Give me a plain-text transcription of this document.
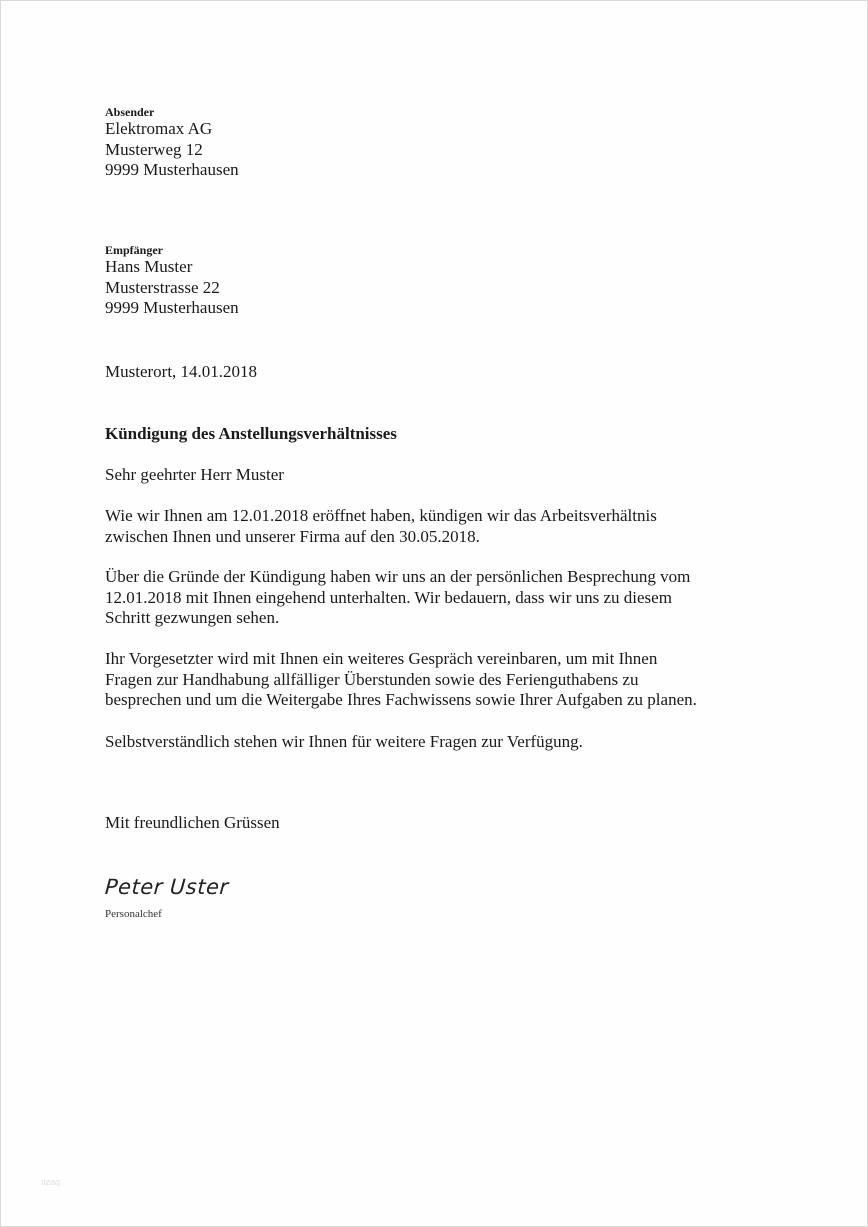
Absender

Elektromax AG

Musterweg 12

9999 Musterhausen

Empfänger

Hans Muster

Musterstrasse 22

9999 Musterhausen

Musterort, 14.01.2018

Kündigung des Anstellungsverhältnisses

Sehr geehrter Herr Muster

Wie wir Ihnen am 12.01.2018 eröffnet haben, kündigen wir das Arbeitsverhältnis

zwischen Ihnen und unserer Firma auf den 30.05.2018.

Über die Gründe der Kündigung haben wir uns an der persönlichen Besprechung vom

12.01.2018 mit Ihnen eingehend unterhalten. Wir bedauern, dass wir uns zu diesem

Schritt gezwungen sehen.

Ihr Vorgesetzter wird mit Ihnen ein weiteres Gespräch vereinbaren, um mit Ihnen

Fragen zur Handhabung allfälliger Überstunden sowie des Ferienguthabens zu

besprechen und um die Weitergabe Ihres Fachwissens sowie Ihrer Aufgaben zu planen.

Selbstverständlich stehen wir Ihnen für weitere Fragen zur Verfügung.

Mit freundlichen Grüssen

Peter Uster
Personalchef
tizaq
